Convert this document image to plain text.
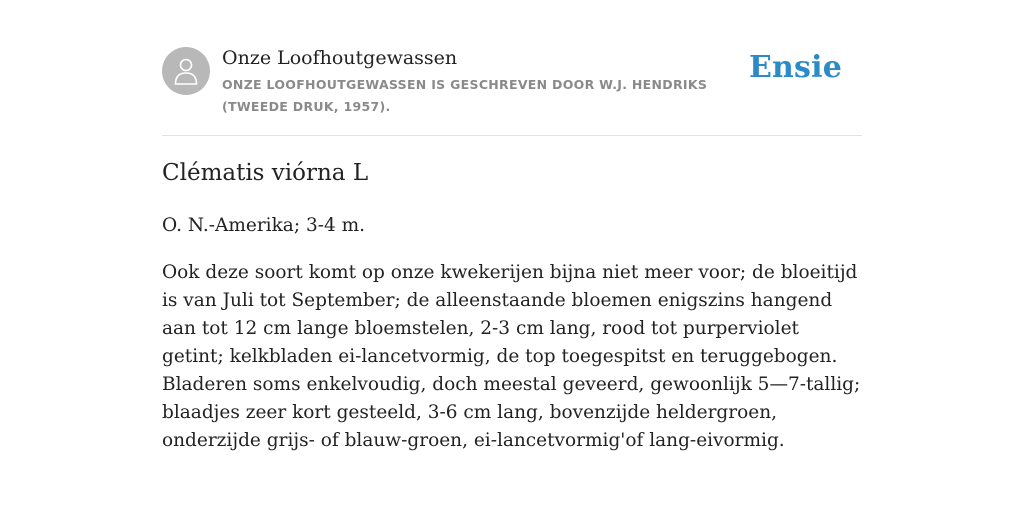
Onze Loofhoutgewassen
ONZE LOOFHOUTGEWASSEN IS GESCHREVEN DOOR W.J. HENDRIKS (TWEEDE DRUK, 1957).
Ensie
Clématis viórna L

O. N.-Amerika; 3-4 m.

Ook deze soort komt op onze kwekerijen bijna niet meer voor; de bloeitijd is van Juli tot September; de alleenstaande bloemen enigszins hangend aan tot 12 cm lange bloemstelen, 2-3 cm lang, rood tot purperviolet getint; kelkbladen ei-lancetvormig, de top toegespitst en teruggebogen. Bladeren soms enkelvoudig, doch meestal geveerd, gewoonlijk 5—7-tallig; blaadjes zeer kort gesteeld, 3-6 cm lang, bovenzijde heldergroen, onderzijde grijs- of blauw-groen, ei-lancetvormig'of lang-eivormig.
